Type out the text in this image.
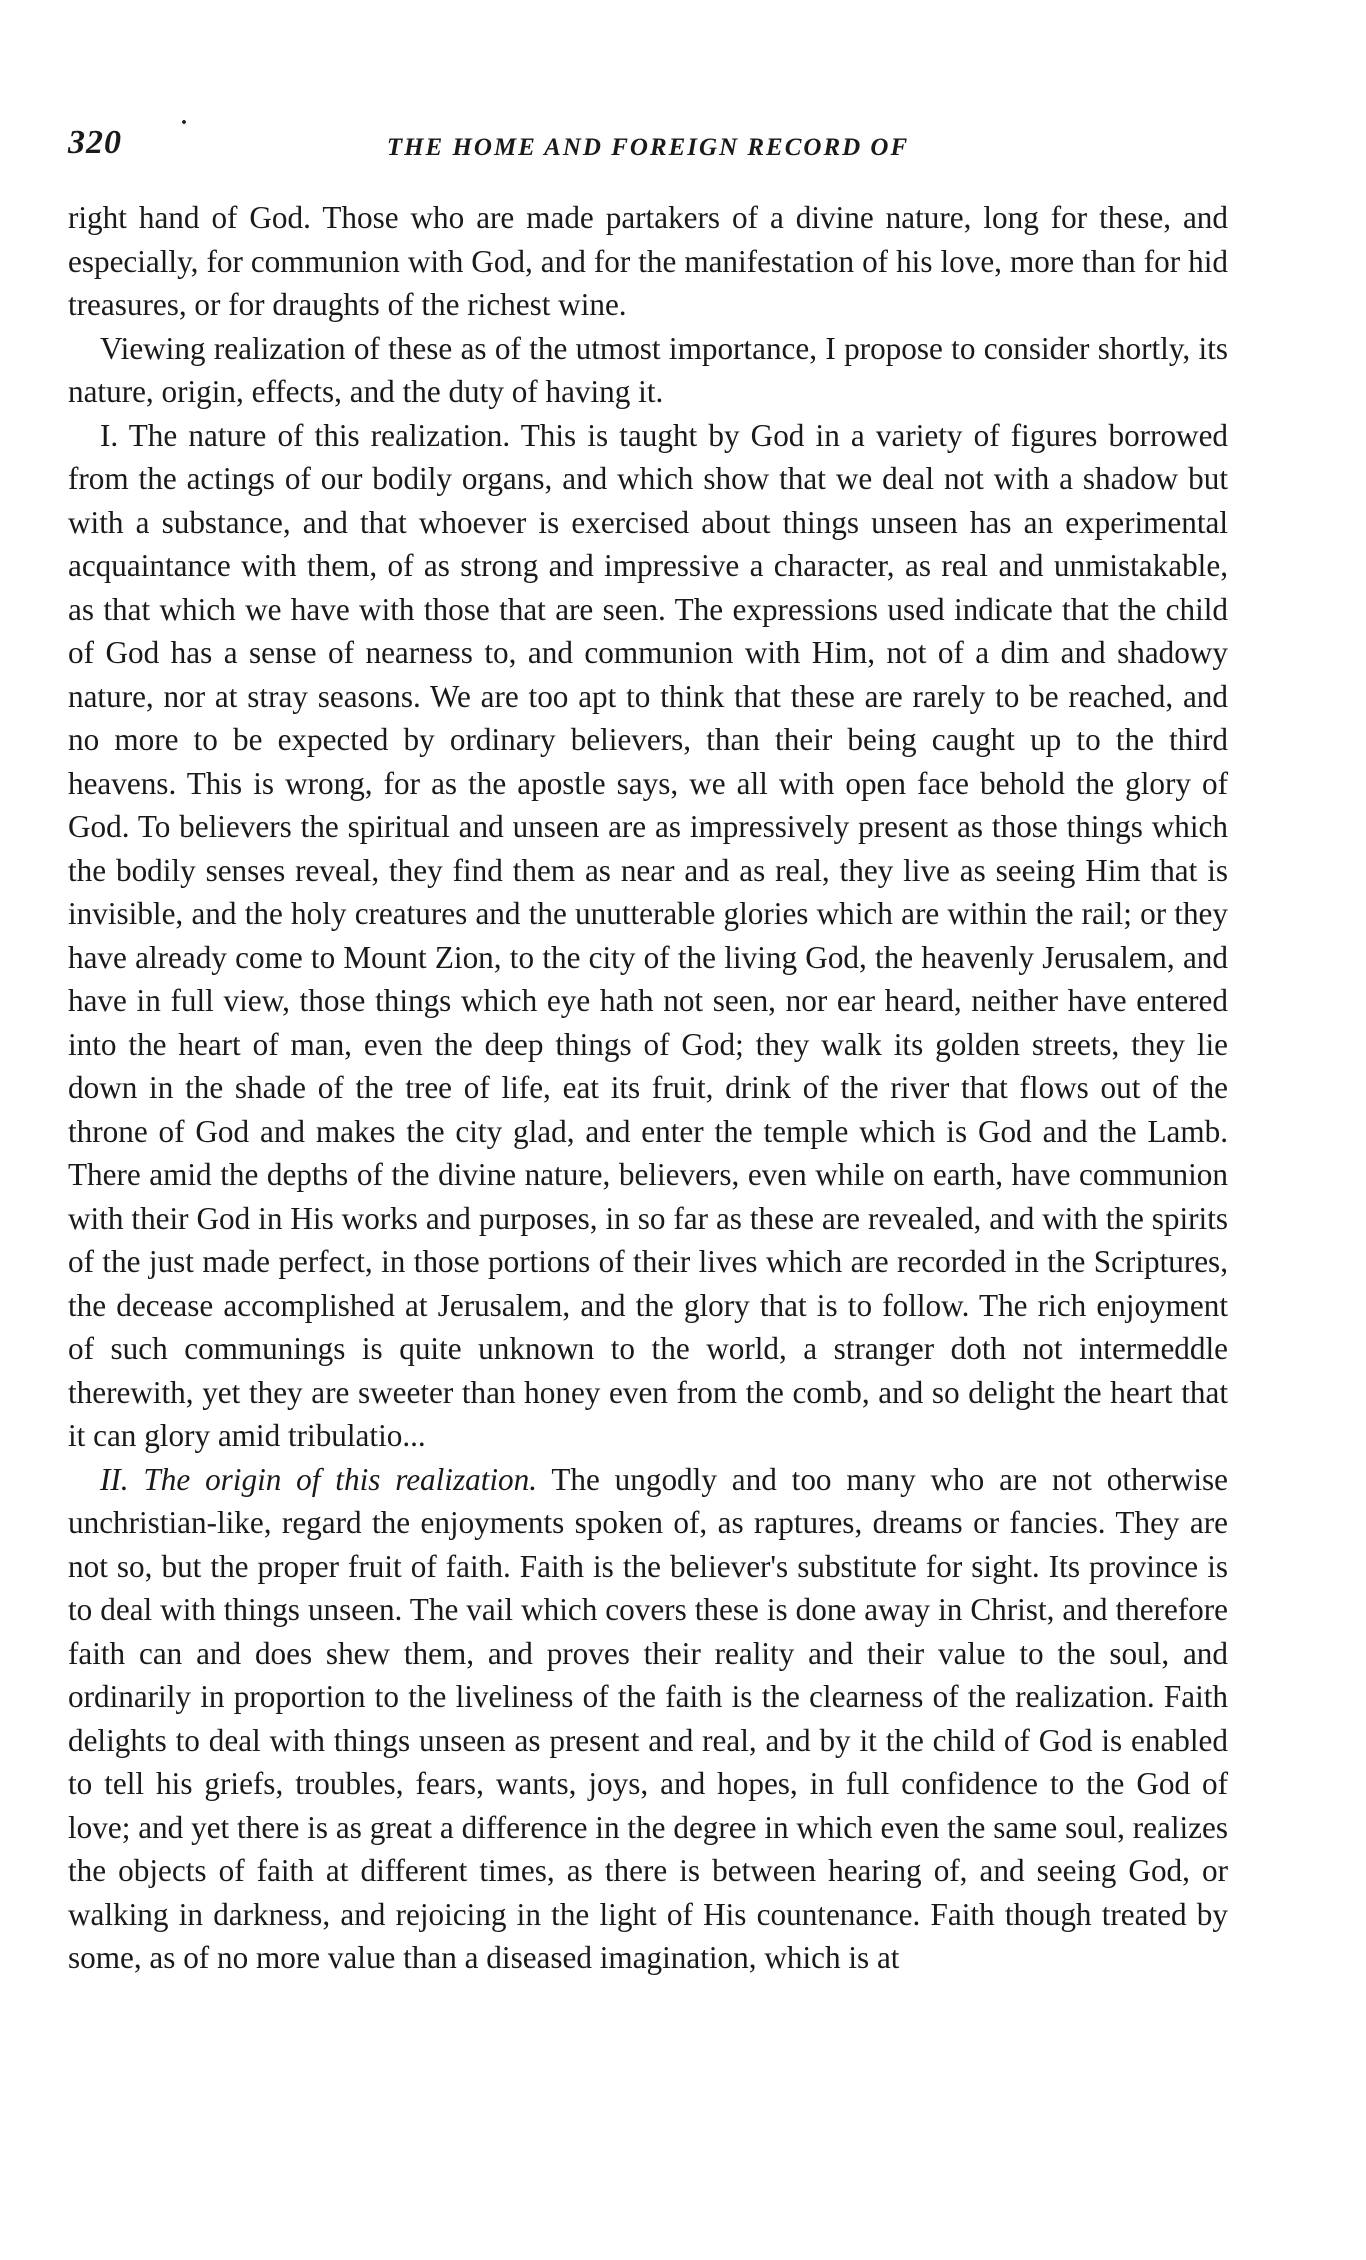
320
·
THE HOME AND FOREIGN RECORD OF

right hand of God. Those who are made partakers of a divine nature, long for these, and especially, for communion with God, and for the manifestation of his love, more than for hid treasures, or for draughts of the richest wine.

Viewing realization of these as of the utmost importance, I propose to consider shortly, its nature, origin, effects, and the duty of having it.

I. The nature of this realization. This is taught by God in a variety of figures borrowed from the actings of our bodily organs, and which show that we deal not with a shadow but with a substance, and that whoever is exercised about things unseen has an experimental acquaintance with them, of as strong and impressive a character, as real and unmistakable, as that which we have with those that are seen. The expressions used indicate that the child of God has a sense of nearness to, and communion with Him, not of a dim and shadowy nature, nor at stray seasons. We are too apt to think that these are rarely to be reached, and no more to be expected by ordinary believers, than their being caught up to the third heavens. This is wrong, for as the apostle says, we all with open face behold the glory of God. To believers the spiritual and unseen are as impressively present as those things which the bodily senses reveal, they find them as near and as real, they live as seeing Him that is invisible, and the holy creatures and the unutterable glories which are within the rail; or they have already come to Mount Zion, to the city of the living God, the heavenly Jerusalem, and have in full view, those things which eye hath not seen, nor ear heard, neither have entered into the heart of man, even the deep things of God; they walk its golden streets, they lie down in the shade of the tree of life, eat its fruit, drink of the river that flows out of the throne of God and makes the city glad, and enter the temple which is God and the Lamb. There amid the depths of the divine nature, believers, even while on earth, have communion with their God in His works and purposes, in so far as these are revealed, and with the spirits of the just made perfect, in those portions of their lives which are recorded in the Scriptures, the decease accomplished at Jerusalem, and the glory that is to follow. The rich enjoyment of such communings is quite unknown to the world, a stranger doth not intermeddle therewith, yet they are sweeter than honey even from the comb, and so delight the heart that it can glory amid tribulatio...

II. The origin of this realization. The ungodly and too many who are not otherwise unchristian-like, regard the enjoyments spoken of, as raptures, dreams or fancies. They are not so, but the proper fruit of faith. Faith is the believer's substitute for sight. Its province is to deal with things unseen. The vail which covers these is done away in Christ, and therefore faith can and does shew them, and proves their reality and their value to the soul, and ordinarily in proportion to the liveliness of the faith is the clearness of the realization. Faith delights to deal with things unseen as present and real, and by it the child of God is enabled to tell his griefs, troubles, fears, wants, joys, and hopes, in full confidence to the God of love; and yet there is as great a difference in the degree in which even the same soul, realizes the objects of faith at different times, as there is between hearing of, and seeing God, or walking in darkness, and rejoicing in the light of His countenance. Faith though treated by some, as of no more value than a diseased imagination, which is at
